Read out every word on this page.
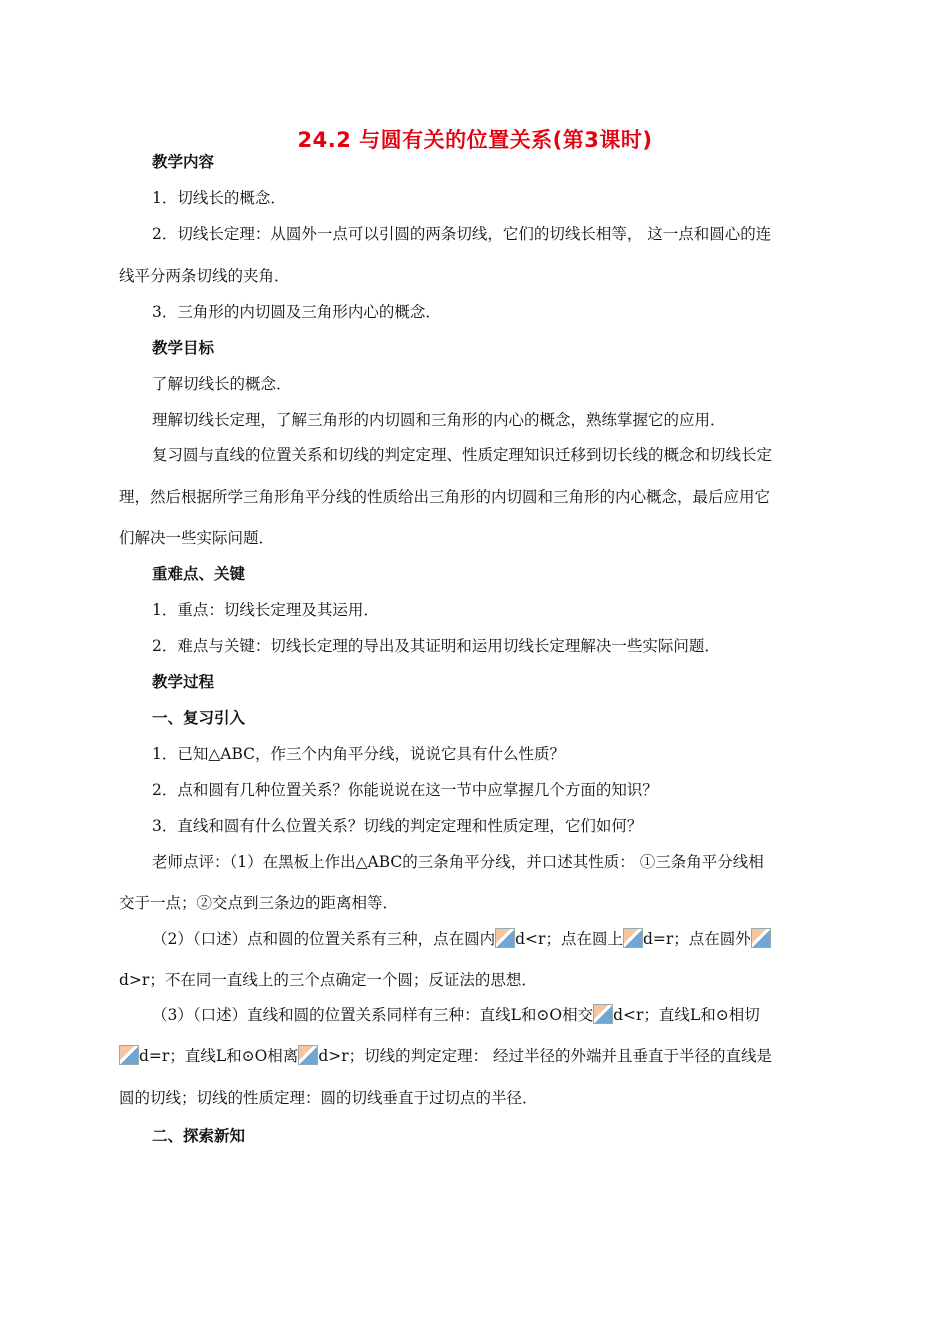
24.2 与圆有关的位置关系(第3课时)
教学内容
1．切线长的概念．
2．切线长定理：从圆外一点可以引圆的两条切线，它们的切线长相等， 这一点和圆心的连
线平分两条切线的夹角．
3．三角形的内切圆及三角形内心的概念．
教学目标
了解切线长的概念．
理解切线长定理，了解三角形的内切圆和三角形的内心的概念，熟练掌握它的应用．
复习圆与直线的位置关系和切线的判定定理、性质定理知识迁移到切长线的概念和切线长定
理，然后根据所学三角形角平分线的性质给出三角形的内切圆和三角形的内心概念，最后应用它
们解决一些实际问题．
重难点、关键
1．重点：切线长定理及其运用．
2．难点与关键：切线长定理的导出及其证明和运用切线长定理解决一些实际问题．
教学过程
一、复习引入
1．已知△ABC，作三个内角平分线，说说它具有什么性质？
2．点和圆有几种位置关系？你能说说在这一节中应掌握几个方面的知识？
3．直线和圆有什么位置关系？切线的判定定理和性质定理，它们如何？
老师点评：（1）在黑板上作出△ABC的三条角平分线，并口述其性质： ①三条角平分线相
交于一点；②交点到三条边的距离相等．
（2）（口述）点和圆的位置关系有三种，点在圆内 d<r；点在圆上 d=r；点在圆外
d>r；不在同一直线上的三个点确定一个圆；反证法的思想．
（3）（口述）直线和圆的位置关系同样有三种：直线L和⊙O相交 d<r；直线L和⊙相切
d=r；直线L和⊙O相离 d>r；切线的判定定理： 经过半径的外端并且垂直于半径的直线是
圆的切线；切线的性质定理：圆的切线垂直于过切点的半径．
二、探索新知
